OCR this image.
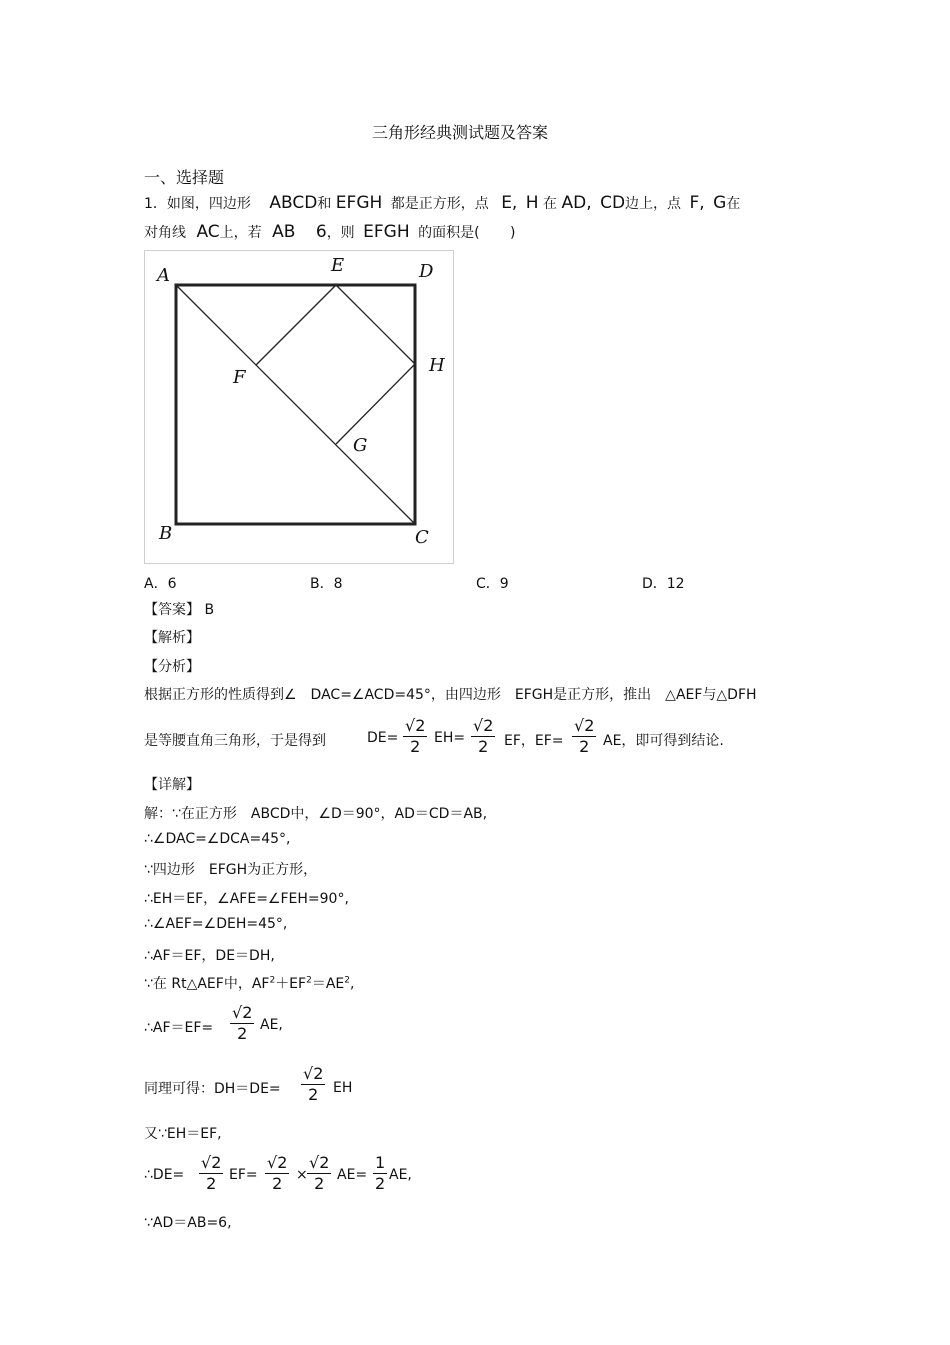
三角形经典测试题及答案
一、选择题
1．如图，四边形 ABCD和 EFGH 都是正方形，点 E, H 在 AD, CD边上，点 F, G在
对角线 AC上，若 AB 6，则 EFGH 的面积是( )
A	E	D
H
F
G
B	C
A．6	B．8	C．9	D．12
【答案】 B
【解析】
【分析】
根据正方形的性质得到∠　DAC=∠ACD=45°，由四边形　EFGH是正方形，推出　△AEF与△DFH
是等腰直角三角形，于是得到	$DE= \frac{√2}{2} EH= \frac{√2}{2}$ EF，$EF= \frac{√2}{2}$ AE，即可得到结论.
【详解】
解：∵在正方形　ABCD中，∠D＝90°，AD＝CD＝AB,
∴∠DAC=∠DCA=45°,
∵四边形　EFGH为正方形，
∴EH＝EF，∠AFE=∠FEH=90°,
∴∠AEF=∠DEH=45°,
∴AF＝EF，DE＝DH,
∵在 Rt△AEF中，$AF^2+EF^2=AE^2$,
∴AF＝EF= $\frac{√2}{2}$ AE,
同理可得：$DH=DE= \frac{√2}{2}$ EH
又∵EH＝EF,
∴DE= $\frac{√2}{2} EF= \frac{√2}{2} \times \frac{√2}{2} AE= \frac{1}{2}$ AE,
∵AD＝AB=6,
